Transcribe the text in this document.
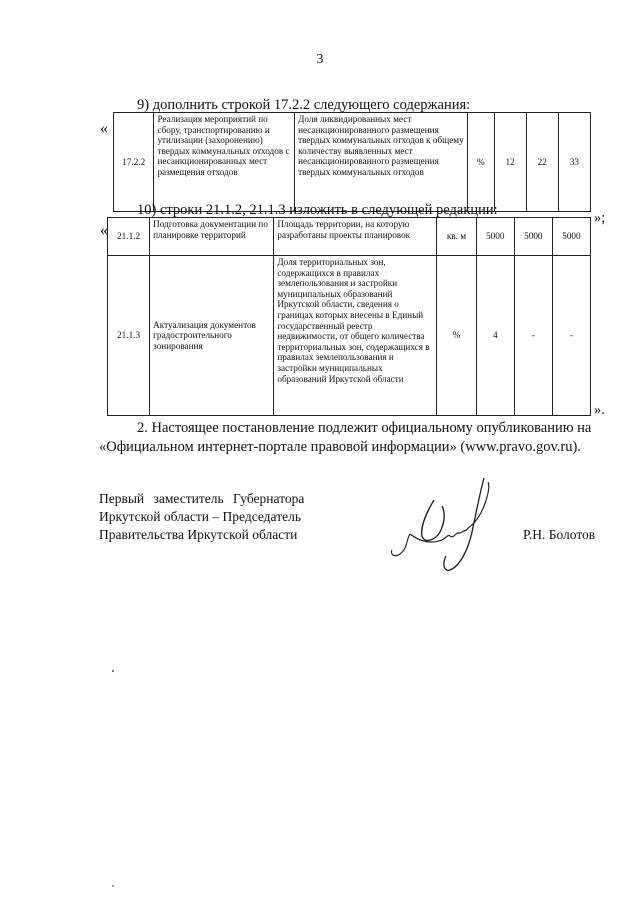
3
9) дополнить строкой 17.2.2 следующего содержания:
«
17.2.2	Реализация мероприятий по сбору, транспортированию и утилизации (захоронению) твердых коммунальных отходов с несанкционированных мест размещения отходов	Доля ликвидированных мест несанкционированного размещения твердых коммунальных отходов к общему количеству выявленных мест несанкционированного размещения твердых коммунальных отходов	%	12	22	33
»;
10) строки 21.1.2, 21.1.3 изложить в следующей редакции:
« 21.1.2	Подготовка документации по планировке территорий	Площадь территории, на которую разработаны проекты планировок	кв. м	5000	5000	5000
21.1.3	Актуализация документов градостроительного зонирования	Доля территориальных зон, содержащихся в правилах землепользования и застройки муниципальных образований Иркутской области, сведения о границах которых внесены в Единый государственный реестр недвижимости, от общего количества территориальных зон, содержащихся в правилах землепользования и застройки муниципальных образований Иркутской области	%	4	-	-
».
2. Настоящее постановление подлежит официальному опубликованию на
«Официальном интернет-портале правовой информации» (www.pravo.gov.ru).
Первый заместитель Губернатора
Иркутской области – Председатель
Правительства Иркутской области	Р.Н. Болотов
